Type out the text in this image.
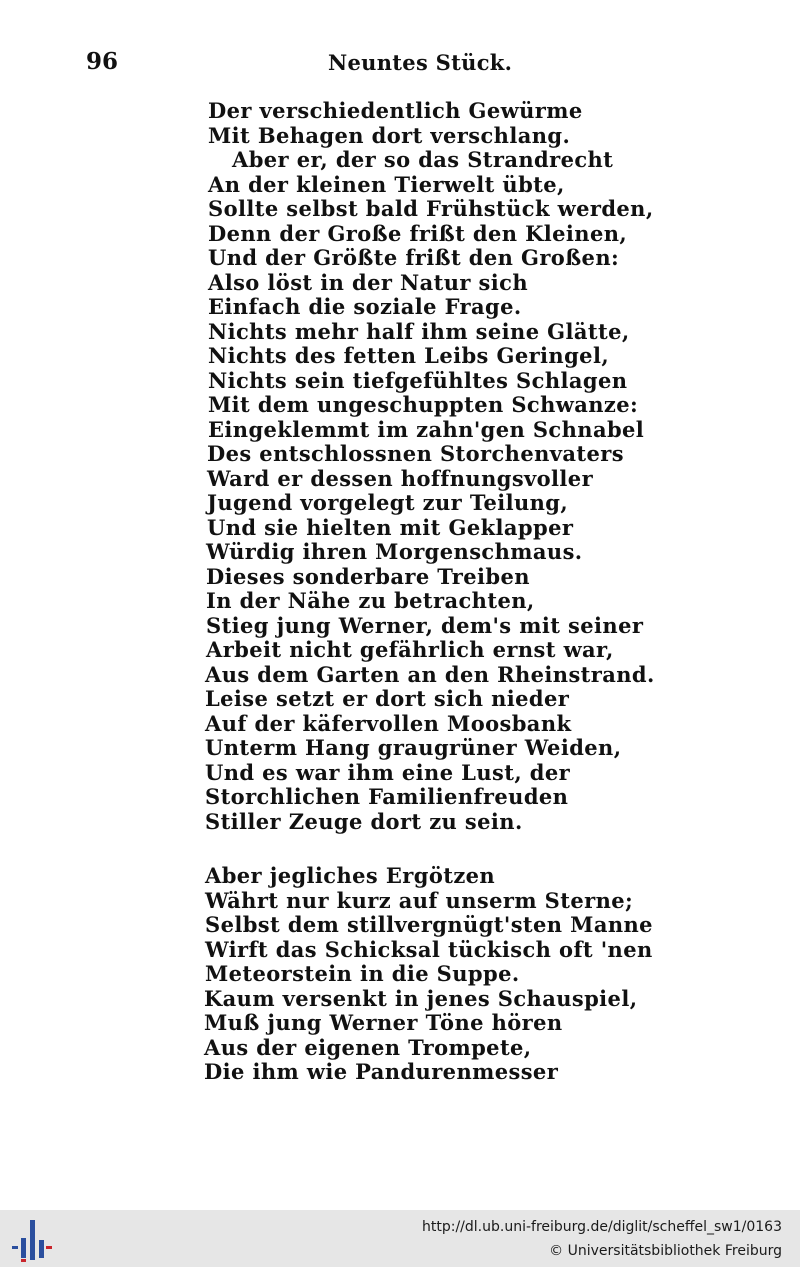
96	Neuntes Stück.
Der verschiedentlich Gewürme
Mit Behagen dort verschlang.
Aber er, der so das Strandrecht
An der kleinen Tierwelt übte,
Sollte selbst bald Frühstück werden,
Denn der Große frißt den Kleinen,
Und der Größte frißt den Großen:
Also löst in der Natur sich
Einfach die soziale Frage.
Nichts mehr half ihm seine Glätte,
Nichts des fetten Leibs Geringel,
Nichts sein tiefgefühltes Schlagen
Mit dem ungeschuppten Schwanze:
Eingeklemmt im zahn'gen Schnabel
Des entschlossnen Storchenvaters
Ward er dessen hoffnungsvoller
Jugend vorgelegt zur Teilung,
Und sie hielten mit Geklapper
Würdig ihren Morgenschmaus.
Dieses sonderbare Treiben
In der Nähe zu betrachten,
Stieg jung Werner, dem's mit seiner
Arbeit nicht gefährlich ernst war,
Aus dem Garten an den Rheinstrand.
Leise setzt er dort sich nieder
Auf der käfervollen Moosbank
Unterm Hang graugrüner Weiden,
Und es war ihm eine Lust, der
Storchlichen Familienfreuden
Stiller Zeuge dort zu sein.
Aber jegliches Ergötzen
Währt nur kurz auf unserm Sterne;
Selbst dem stillvergnügt'sten Manne
Wirft das Schicksal tückisch oft 'nen
Meteorstein in die Suppe.
Kaum versenkt in jenes Schauspiel,
Muß jung Werner Töne hören
Aus der eigenen Trompete,
Die ihm wie Pandurenmesser
http://dl.ub.uni-freiburg.de/diglit/scheffel_sw1/0163
© Universitätsbibliothek Freiburg
